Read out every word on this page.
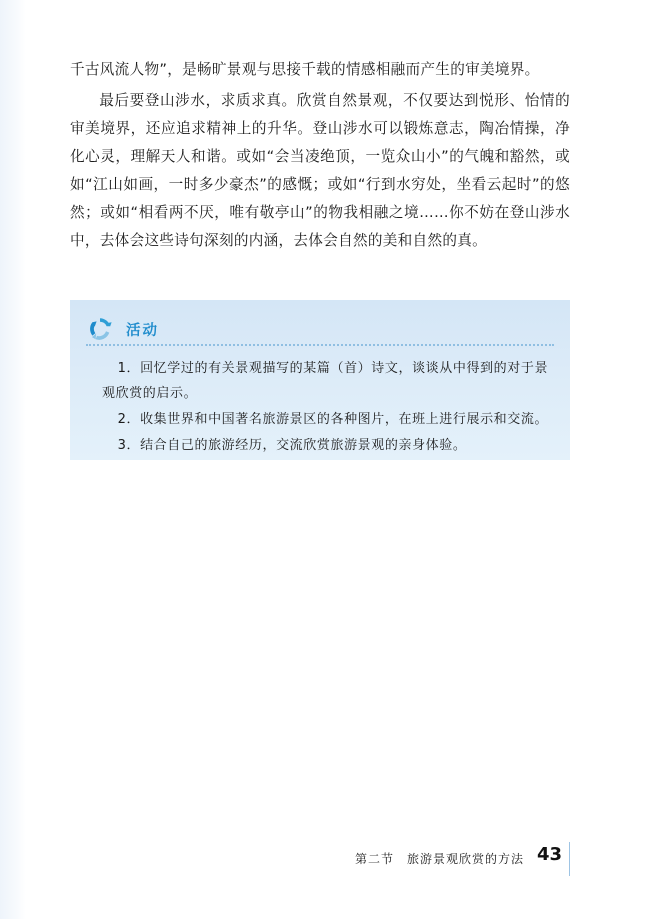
千古风流人物”，是畅旷景观与思接千载的情感相融而产生的审美境界。

最后要登山涉水，求质求真。欣赏自然景观，不仅要达到悦形、怡情的审美境界，还应追求精神上的升华。登山涉水可以锻炼意志，陶冶情操，净化心灵，理解天人和谐。或如“会当凌绝顶，一览众山小”的气魄和豁然，或如“江山如画，一时多少豪杰”的感慨；或如“行到水穷处，坐看云起时”的悠然；或如“相看两不厌，唯有敬亭山”的物我相融之境……你不妨在登山涉水中，去体会这些诗句深刻的内涵，去体会自然的美和自然的真。

活动

1．回忆学过的有关景观描写的某篇（首）诗文，谈谈从中得到的对于景观欣赏的启示。

2．收集世界和中国著名旅游景区的各种图片，在班上进行展示和交流。

3．结合自己的旅游经历，交流欣赏旅游景观的亲身体验。

第二节　旅游景观欣赏的方法 43
